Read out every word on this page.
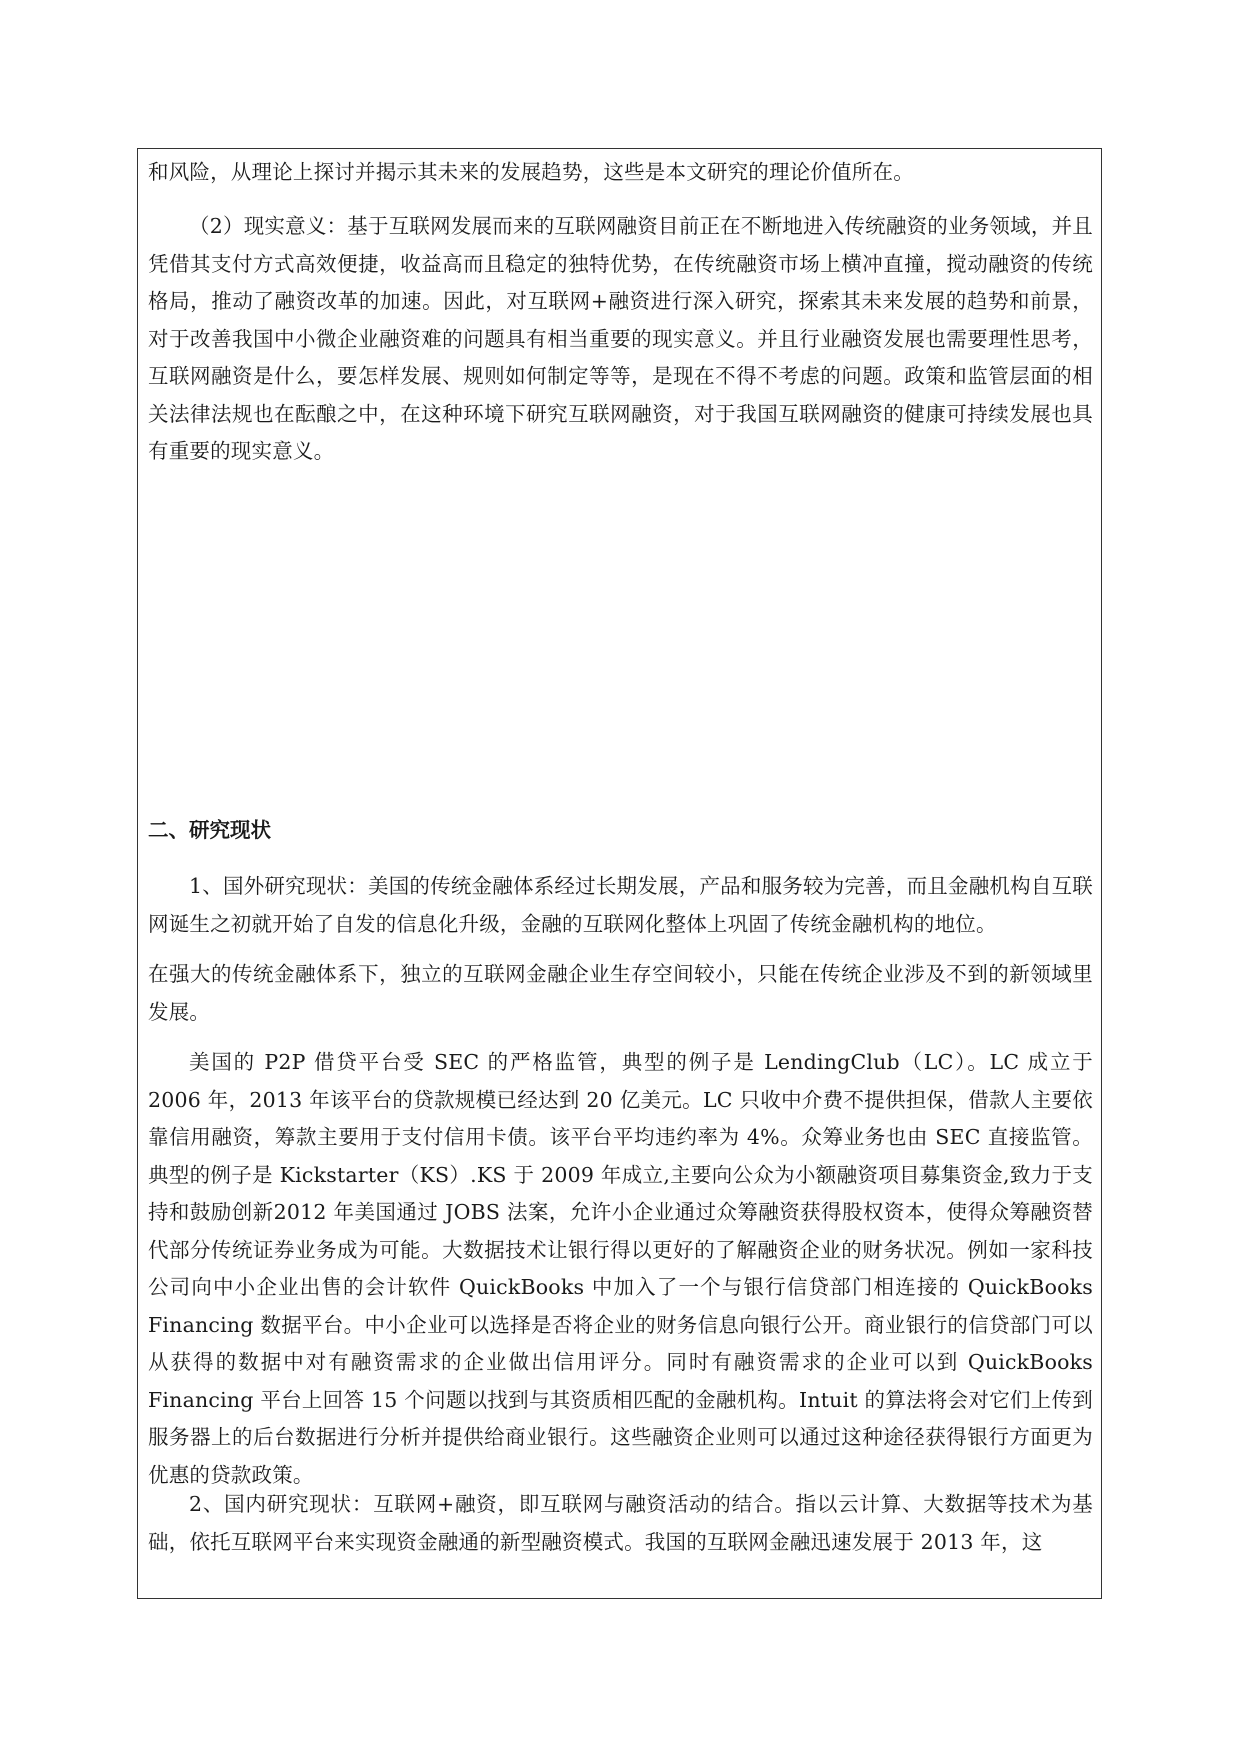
和风险，从理论上探讨并揭示其未来的发展趋势，这些是本文研究的理论价值所在。

（2）现实意义：基于互联网发展而来的互联网融资目前正在不断地进入传统融资的业务领域，并且凭借其支付方式高效便捷，收益高而且稳定的独特优势，在传统融资市场上横冲直撞，搅动融资的传统格局，推动了融资改革的加速。因此，对互联网+融资进行深入研究，探索其未来发展的趋势和前景，对于改善我国中小微企业融资难的问题具有相当重要的现实意义。并且行业融资发展也需要理性思考，互联网融资是什么，要怎样发展、规则如何制定等等，是现在不得不考虑的问题。政策和监管层面的相关法律法规也在酝酿之中，在这种环境下研究互联网融资，对于我国互联网融资的健康可持续发展也具有重要的现实意义。

二、研究现状

1、国外研究现状：美国的传统金融体系经过长期发展，产品和服务较为完善，而且金融机构自互联网诞生之初就开始了自发的信息化升级，金融的互联网化整体上巩固了传统金融机构的地位。

在强大的传统金融体系下，独立的互联网金融企业生存空间较小，只能在传统企业涉及不到的新领域里发展。

美国的 P2P 借贷平台受 SEC 的严格监管，典型的例子是 LendingClub（LC）。LC 成立于 2006 年，2013 年该平台的贷款规模已经达到 20 亿美元。LC 只收中介费不提供担保，借款人主要依靠信用融资，筹款主要用于支付信用卡债。该平台平均违约率为 4%。众筹业务也由 SEC 直接监管。典型的例子是 Kickstarter（KS）.KS 于 2009 年成立,主要向公众为小额融资项目募集资金,致力于支持和鼓励创新2012 年美国通过 JOBS 法案，允许小企业通过众筹融资获得股权资本，使得众筹融资替代部分传统证券业务成为可能。大数据技术让银行得以更好的了解融资企业的财务状况。例如一家科技公司向中小企业出售的会计软件 QuickBooks 中加入了一个与银行信贷部门相连接的 QuickBooks Financing 数据平台。中小企业可以选择是否将企业的财务信息向银行公开。商业银行的信贷部门可以从获得的数据中对有融资需求的企业做出信用评分。同时有融资需求的企业可以到 QuickBooks Financing 平台上回答 15 个问题以找到与其资质相匹配的金融机构。Intuit 的算法将会对它们上传到服务器上的后台数据进行分析并提供给商业银行。这些融资企业则可以通过这种途径获得银行方面更为优惠的贷款政策。

2、国内研究现状：互联网+融资，即互联网与融资活动的结合。指以云计算、大数据等技术为基础，依托互联网平台来实现资金融通的新型融资模式。我国的互联网金融迅速发展于 2013 年，这
